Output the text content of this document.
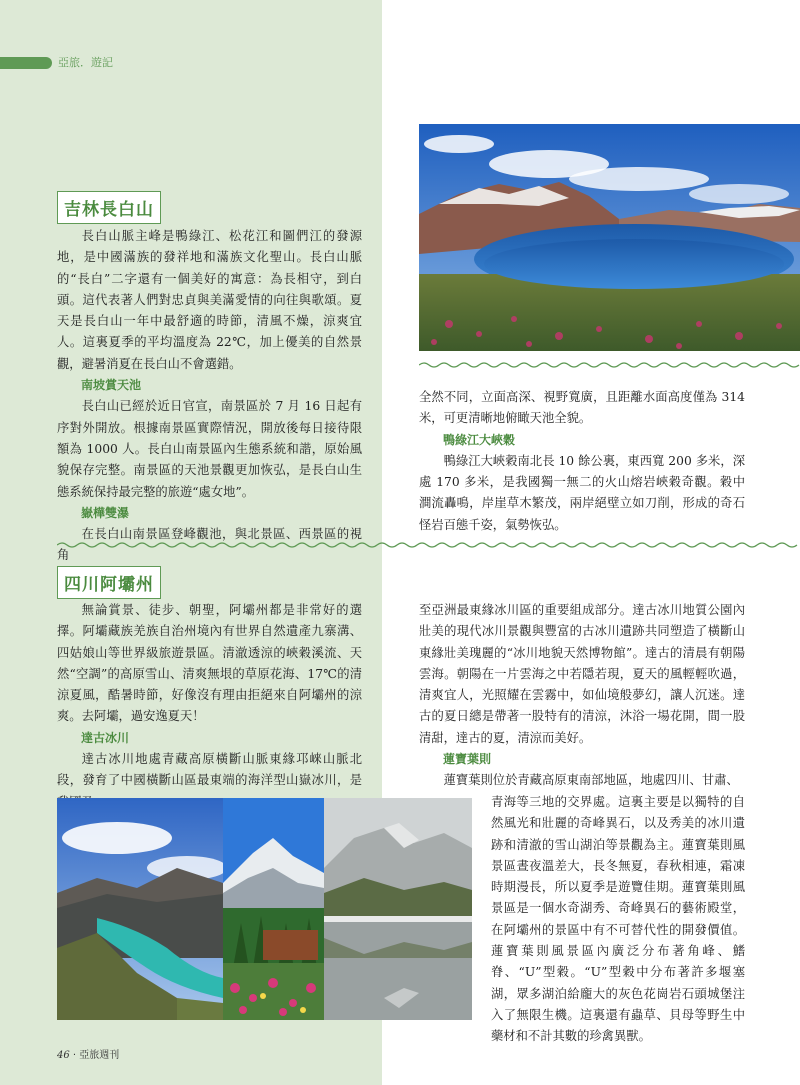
亞旅．遊記
吉林長白山

長白山脈主峰是鴨綠江、松花江和圖們江的發源地，是中國滿族的發祥地和滿族文化聖山。長白山脈的“長白”二字還有一個美好的寓意：為長相守，到白頭。這代表著人們對忠貞與美滿愛情的向往與歌頌。夏天是長白山一年中最舒適的時節，清風不燥，涼爽宜人。這裏夏季的平均溫度為 22℃，加上優美的自然景觀，避暑消夏在長白山不會選錯。

南坡賞天池

長白山已經於近日官宣，南景區於 7 月 16 日起有序對外開放。根據南景區實際情況，開放後每日接待限額為 1000 人。長白山南景區內生態系統和諧，原始風貌保存完整。南景區的天池景觀更加恢弘，是長白山生態系統保持最完整的旅遊“處女地”。

嶽樺雙瀑

在長白山南景區登峰觀池，與北景區、西景區的視角

全然不同，立面高深、視野寬廣，且距離水面高度僅為 314 米，可更清晰地俯瞰天池全貌。

鴨綠江大峽穀

鴨綠江大峽穀南北長 10 餘公裏，東西寬 200 多米，深處 170 多米，是我國獨一無二的火山熔岩峽穀奇觀。穀中澗流轟鳴，岸崖草木繁茂，兩岸絕壁立如刀削，形成的奇石怪岩百態千姿，氣勢恢弘。

四川阿壩州

無論賞景、徒步、朝聖，阿壩州都是非常好的選擇。阿壩藏族羌族自治州境內有世界自然遺產九寨溝、四姑娘山等世界級旅遊景區。清澈透涼的峽穀溪流、天然“空調”的高原雪山、清爽無垠的草原花海、17℃的清涼夏風，酷暑時節，好像沒有理由拒絕來自阿壩州的涼爽。去阿壩，過安逸夏天！

達古冰川

達古冰川地處青藏高原橫斷山脈東緣邛崍山脈北段，發育了中國橫斷山區最東端的海洋型山嶽冰川，是

至亞洲最東緣冰川區的重要組成部分。達古冰川地質公園內壯美的現代冰川景觀與豐富的古冰川遺跡共同塑造了橫斷山東緣壯美瑰麗的“冰川地貌天然博物館”。達古的清晨有朝陽雲海。朝陽在一片雲海之中若隱若現，夏天的風輕輕吹過，清爽宜人，光照耀在雲霧中，如仙境般夢幻，讓人沉迷。達古的夏日總是帶著一股特有的清涼，沐浴一場花開，間一股清甜，達古的夏，清涼而美好。

蓮寶葉則

蓮寶葉則位於青藏高原東南部地區，地處四川、甘肅、

青海等三地的交界處。這裏主要是以獨特的自然風光和壯麗的奇峰異石，以及秀美的冰川遺跡和清澈的雪山湖泊等景觀為主。蓮寶葉則風景區晝夜溫差大，長冬無夏，春秋相連，霜凍時期漫長，所以夏季是遊覽佳期。蓮寶葉則風景區是一個水奇湖秀、奇峰異石的藝術殿堂，在阿壩州的景區中有不可替代性的開發價值。蓮寶葉則風景區內廣泛分布著角峰、鰭脊、“U”型穀。“U”型穀中分布著許多堰塞湖，眾多湖泊給龐大的灰色花崗岩石頭城堡注入了無限生機。這裏還有蟲草、貝母等野生中藥材和不計其數的珍禽異獸。

46 · 亞旅週刊
